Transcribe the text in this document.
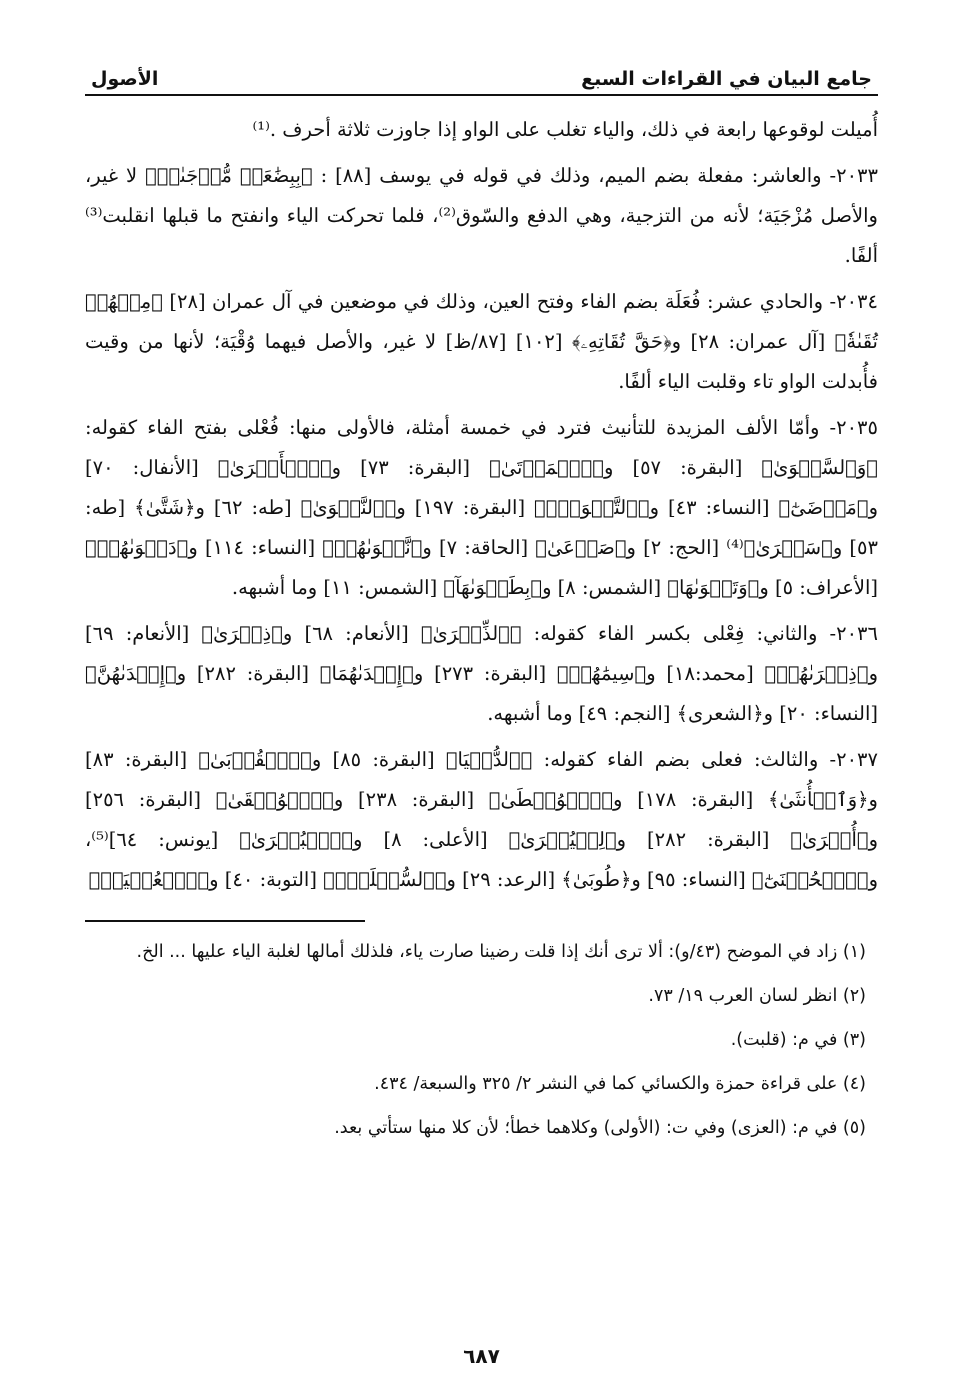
جامع البيان في القراءات السبع
الأصول

أُميلت لوقوعها رابعة في ذلك، والياء تغلب على الواو إذا جاوزت ثلاثة أحرف .⁽¹⁾

٢٠٣٣- والعاشر: مفعلة بضم الميم، وذلك في قوله في يوسف [٨٨] : ﴿بِبِضَٰعَةٖ مُّزۡجَىٰةٖ﴾ لا غير، والأصل مُزْجَيَة؛ لأنه من التزجية، وهي الدفع والسّوق⁽²⁾، فلما تحركت الياء وانفتح ما قبلها انقلبت⁽³⁾ ألفًا.

٢٠٣٤- والحادي عشر: فُعَلَة بضم الفاء وفتح العين، وذلك في موضعين في آل عمران [٢٨] ﴿مِنۡهُمۡ تُقَىٰةٗ﴾ [آل عمران: ٢٨] و﴿حَقَّ تُقَاتِهِۦ﴾ [١٠٢] [٨٧/ظ] لا غير، والأصل فيهما وُقْيَة؛ لأنها من وقيت فأُبدلت الواو تاء وقلبت الياء ألفًا.

٢٠٣٥- وأمّا الألف المزيدة للتأنيث فترد في خمسة أمثلة، فالأولى منها: فُعْلى بفتح الفاء كقوله: ﴿وَٱلسَّلۡوَىٰ﴾ [البقرة: ٥٧] و﴿ٱلۡمَوۡتَىٰ﴾ [البقرة: ٧٣] و﴿ٱلۡأَسۡرَىٰ﴾ [الأنفال: ٧٠] و﴿مَرۡضَىٰٓ﴾ [النساء: ٤٣] و﴿ٱلتَّقۡوَىٰۖ﴾ [البقرة: ١٩٧] و﴿ٱلنَّجۡوَىٰ﴾ [طه: ٦٢] و﴿شَتَّىٰ﴾ [طه: ٥٣] و﴿سَكۡرَىٰ﴾⁽⁴⁾ [الحج: ٢] و﴿صَرۡعَىٰ﴾ [الحاقة: ٧] و﴿نَّجۡوَىٰهُمۡ﴾ [النساء: ١١٤] و﴿دَعۡوَىٰهُمۡ﴾ [الأعراف: ٥] و﴿وَتَقۡوَىٰهَا﴾ [الشمس: ٨] و﴿بِطَغۡوَىٰهَآ﴾ [الشمس: ١١] وما أشبهه.

٢٠٣٦- والثاني: فِعْلى بكسر الفاء كقوله: ﴿ٱلذِّكۡرَىٰ﴾ [الأنعام: ٦٨] و﴿ذِكۡرَىٰ﴾ [الأنعام: ٦٩] و﴿ذِكۡرَىٰهُمۡ﴾ [محمد:١٨] و﴿سِيمَٰهُمۡ﴾ [البقرة: ٢٧٣] و﴿إِحۡدَىٰهُمَا﴾ [البقرة: ٢٨٢] و﴿إِحۡدَىٰهُنَّ﴾ [النساء: ٢٠] و﴿الشعرى﴾ [النجم: ٤٩] وما أشبهه.

٢٠٣٧- والثالث: فعلى بضم الفاء كقوله: ﴿ٱلدُّنۡيَا﴾ [البقرة: ٨٥] و﴿ٱلۡقُرۡبَىٰ﴾ [البقرة: ٨٣] و﴿وَٱلۡأُنثَىٰ﴾ [البقرة: ١٧٨] و﴿ٱلۡوُسۡطَىٰ﴾ [البقرة: ٢٣٨] و﴿ٱلۡوُثۡقَىٰ﴾ [البقرة: ٢٥٦] و﴿أُخۡرَىٰ﴾ [البقرة: ٢٨٢] و﴿لِلۡيُسۡرَىٰ﴾ [الأعلى: ٨] و﴿ٱلۡبُشۡرَىٰ﴾ [يونس: ٦٤]⁽⁵⁾، و﴿ٱلۡحُسۡنَىٰٓ﴾ [النساء: ٩٥] و﴿طُوبَىٰ﴾ [الرعد: ٢٩] و﴿ٱلسُّفۡلَىٰۗ﴾ [التوبة: ٤٠] و﴿ٱلۡعُلۡيَاۗ﴾

(١) زاد في الموضح (٤٣/و): ألا ترى أنك إذا قلت رضينا صارت ياء، فلذلك أمالها لغلبة الياء عليها ... الخ.
(٢) انظر لسان العرب ١٩/ ٧٣.
(٣) في م: (قلبت).
(٤) على قراءة حمزة والكسائي كما في النشر ٢/ ٣٢٥ والسبعة/ ٤٣٤.
(٥) في م: (العزى) وفي ت: (الأولى) وكلاهما خطأ؛ لأن كلا منها ستأتي بعد.
٦٨٧
